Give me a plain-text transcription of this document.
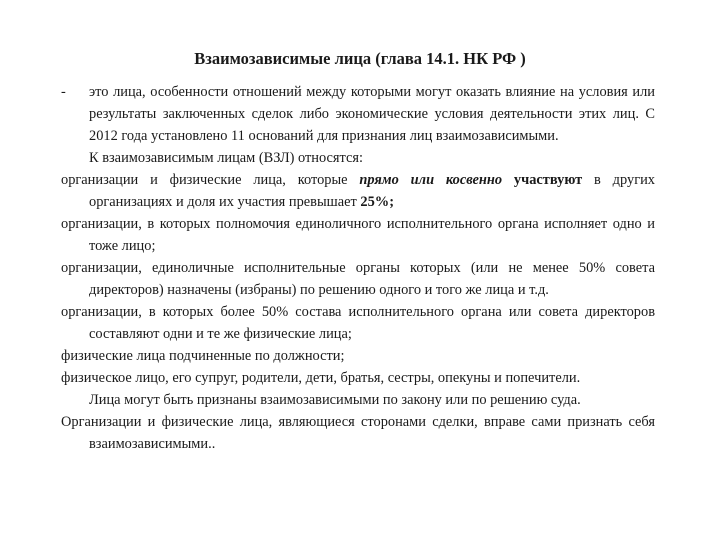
Взаимозависимые лица (глава 14.1. НК РФ )
- это лица, особенности отношений между которыми могут оказать влияние на условия или результаты заключенных сделок либо экономические условия деятельности этих лиц. С 2012 года установлено 11 оснований для признания лиц взаимозависимыми.
К взаимозависимым лицам (ВЗЛ) относятся:
организации и физические лица, которые прямо или косвенно участвуют в других организациях и доля их участия превышает 25%;
организации, в которых полномочия единоличного исполнительного органа исполняет одно и тоже лицо;
организации, единоличные исполнительные органы которых (или не менее 50% совета директоров) назначены (избраны) по решению одного и того же лица и т.д.
организации, в которых более 50% состава исполнительного органа или совета директоров составляют одни и те же физические лица;
физические лица подчиненные по должности;
физическое лицо, его супруг, родители, дети, братья, сестры, опекуны и попечители.
Лица могут быть признаны взаимозависимыми по закону или по решению суда.
Организации и физические лица, являющиеся сторонами сделки, вправе сами признать себя взаимозависимыми..
